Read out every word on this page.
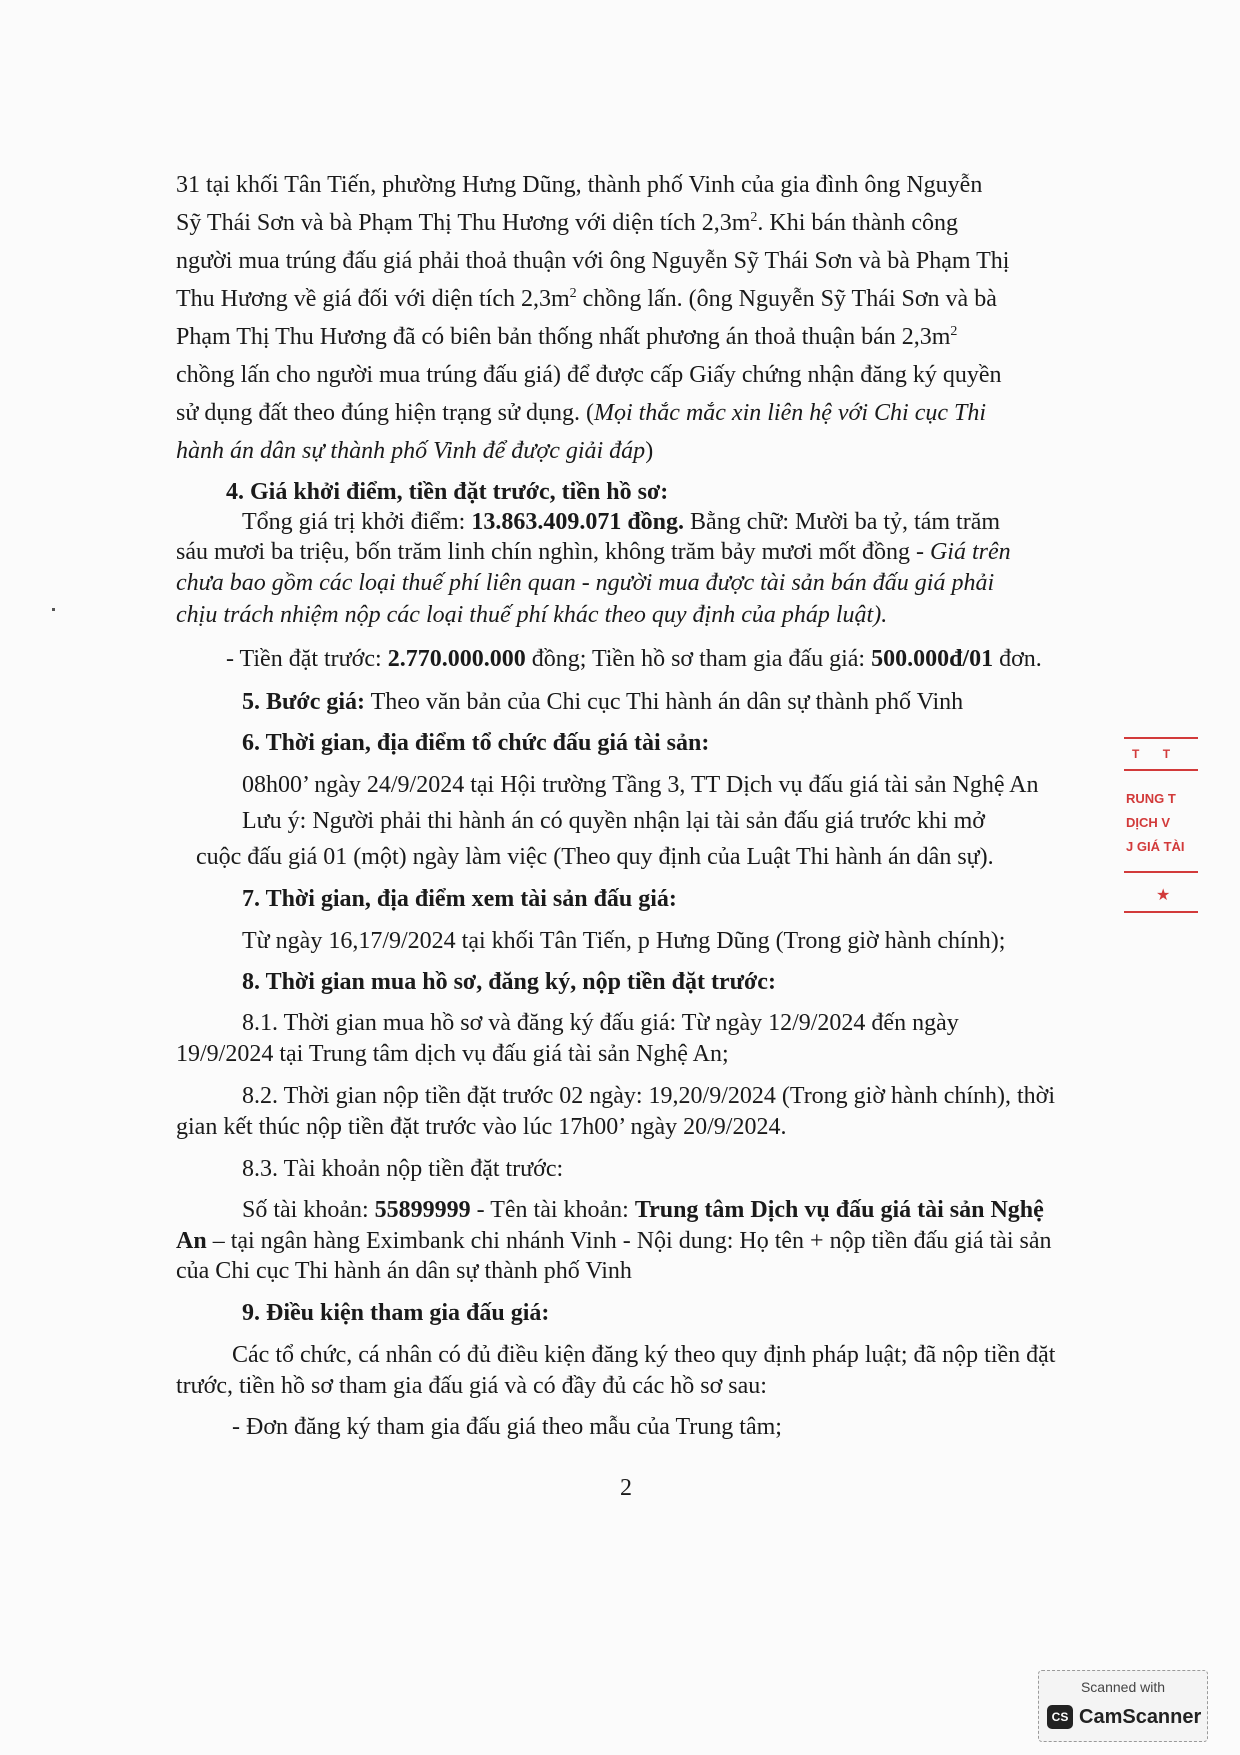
31 tại khối Tân Tiến, phường Hưng Dũng, thành phố Vinh của gia đình ông Nguyễn
Sỹ Thái Sơn và bà Phạm Thị Thu Hương với diện tích $2,3m^2$. Khi bán thành công
người mua trúng đấu giá phải thoả thuận với ông Nguyễn Sỹ Thái Sơn và bà Phạm Thị
Thu Hương về giá đối với diện tích $2,3m^2$ chồng lấn. (ông Nguyễn Sỹ Thái Sơn và bà
Phạm Thị Thu Hương đã có biên bản thống nhất phương án thoả thuận bán $2,3m^2$
chồng lấn cho người mua trúng đấu giá) để được cấp Giấy chứng nhận đăng ký quyền
sử dụng đất theo đúng hiện trạng sử dụng. (Mọi thắc mắc xin liên hệ với Chi cục Thi
hành án dân sự thành phố Vinh để được giải đáp)
4. Giá khởi điểm, tiền đặt trước, tiền hồ sơ:
Tổng giá trị khởi điểm: 13.863.409.071 đồng. Bằng chữ: Mười ba tỷ, tám trăm
sáu mươi ba triệu, bốn trăm linh chín nghìn, không trăm bảy mươi mốt đồng - Giá trên
chưa bao gồm các loại thuế phí liên quan - người mua được tài sản bán đấu giá phải
chịu trách nhiệm nộp các loại thuế phí khác theo quy định của pháp luật).
- Tiền đặt trước: 2.770.000.000 đồng; Tiền hồ sơ tham gia đấu giá: 500.000đ/01 đơn.
5. Bước giá: Theo văn bản của Chi cục Thi hành án dân sự thành phố Vinh
6. Thời gian, địa điểm tổ chức đấu giá tài sản:
08h00’ ngày 24/9/2024 tại Hội trường Tầng 3, TT Dịch vụ đấu giá tài sản Nghệ An
Lưu ý: Người phải thi hành án có quyền nhận lại tài sản đấu giá trước khi mở
cuộc đấu giá 01 (một) ngày làm việc (Theo quy định của Luật Thi hành án dân sự).
7. Thời gian, địa điểm xem tài sản đấu giá:
Từ ngày 16,17/9/2024 tại khối Tân Tiến, p Hưng Dũng (Trong giờ hành chính);
8. Thời gian mua hồ sơ, đăng ký, nộp tiền đặt trước:
8.1. Thời gian mua hồ sơ và đăng ký đấu giá: Từ ngày 12/9/2024 đến ngày
19/9/2024 tại Trung tâm dịch vụ đấu giá tài sản Nghệ An;
8.2. Thời gian nộp tiền đặt trước 02 ngày: 19,20/9/2024 (Trong giờ hành chính), thời
gian kết thúc nộp tiền đặt trước vào lúc 17h00’ ngày 20/9/2024.
8.3. Tài khoản nộp tiền đặt trước:
Số tài khoản: 55899999 - Tên tài khoản: Trung tâm Dịch vụ đấu giá tài sản Nghệ
An – tại ngân hàng Eximbank chi nhánh Vinh - Nội dung: Họ tên + nộp tiền đấu giá tài sản
của Chi cục Thi hành án dân sự thành phố Vinh
9. Điều kiện tham gia đấu giá:
Các tổ chức, cá nhân có đủ điều kiện đăng ký theo quy định pháp luật; đã nộp tiền đặt
trước, tiền hồ sơ tham gia đấu giá và có đầy đủ các hồ sơ sau:
- Đơn đăng ký tham gia đấu giá theo mẫu của Trung tâm;
2
T T
RUNG T
DỊCH V
J GIÁ TÀI
★
Scanned with
CS CamScanner
